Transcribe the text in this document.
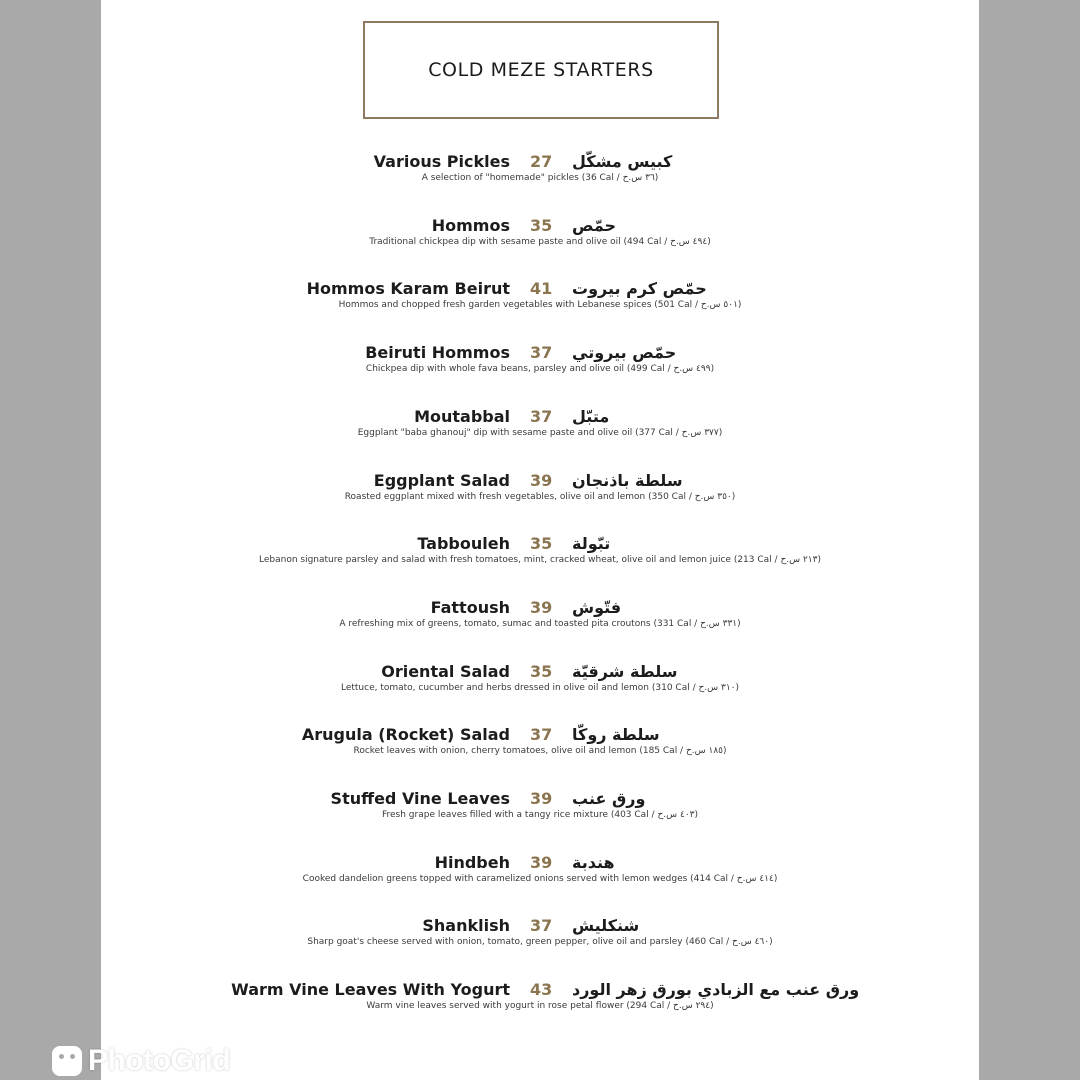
COLD MEZE STARTERS
Various Pickles 27 كبيس مشكّل
A selection of "homemade" pickles (36 Cal / ٣٦ س.ح)
Hommos 35 حمّص
Traditional chickpea dip with sesame paste and olive oil (494 Cal / ٤٩٤ س.ح)
Hommos Karam Beirut 41 حمّص كرم بيروت
Hommos and chopped fresh garden vegetables with Lebanese spices (501 Cal / ٥٠١ س.ح)
Beiruti Hommos 37 حمّص بيروتي
Chickpea dip with whole fava beans, parsley and olive oil (499 Cal / ٤٩٩ س.ح)
Moutabbal 37 متبّل
Eggplant "baba ghanouj" dip with sesame paste and olive oil (377 Cal / ٣٧٧ س.ح)
Eggplant Salad 39 سلطة باذنجان
Roasted eggplant mixed with fresh vegetables, olive oil and lemon (350 Cal / ٣٥٠ س.ح)
Tabbouleh 35 تبّولة
Lebanon signature parsley and salad with fresh tomatoes, mint, cracked wheat, olive oil and lemon juice (213 Cal / ٢١٣ س.ح)
Fattoush 39 فتّوش
A refreshing mix of greens, tomato, sumac and toasted pita croutons (331 Cal / ٣٣١ س.ح)
Oriental Salad 35 سلطة شرقيّة
Lettuce, tomato, cucumber and herbs dressed in olive oil and lemon (310 Cal / ٣١٠ س.ح)
Arugula (Rocket) Salad 37 سلطة روكّا
Rocket leaves with onion, cherry tomatoes, olive oil and lemon (185 Cal / ١٨٥ س.ح)
Stuffed Vine Leaves 39 ورق عنب
Fresh grape leaves filled with a tangy rice mixture (403 Cal / ٤٠٣ س.ح)
Hindbeh 39 هندبة
Cooked dandelion greens topped with caramelized onions served with lemon wedges (414 Cal / ٤١٤ س.ح)
Shanklish 37 شنكليش
Sharp goat's cheese served with onion, tomato, green pepper, olive oil and parsley (460 Cal / ٤٦٠ س.ح)
Warm Vine Leaves With Yogurt 43 ورق عنب مع الزبادي بورق زهر الورد
Warm vine leaves served with yogurt in rose petal flower (294 Cal / ٢٩٤ س.ح)
PhotoGrid
